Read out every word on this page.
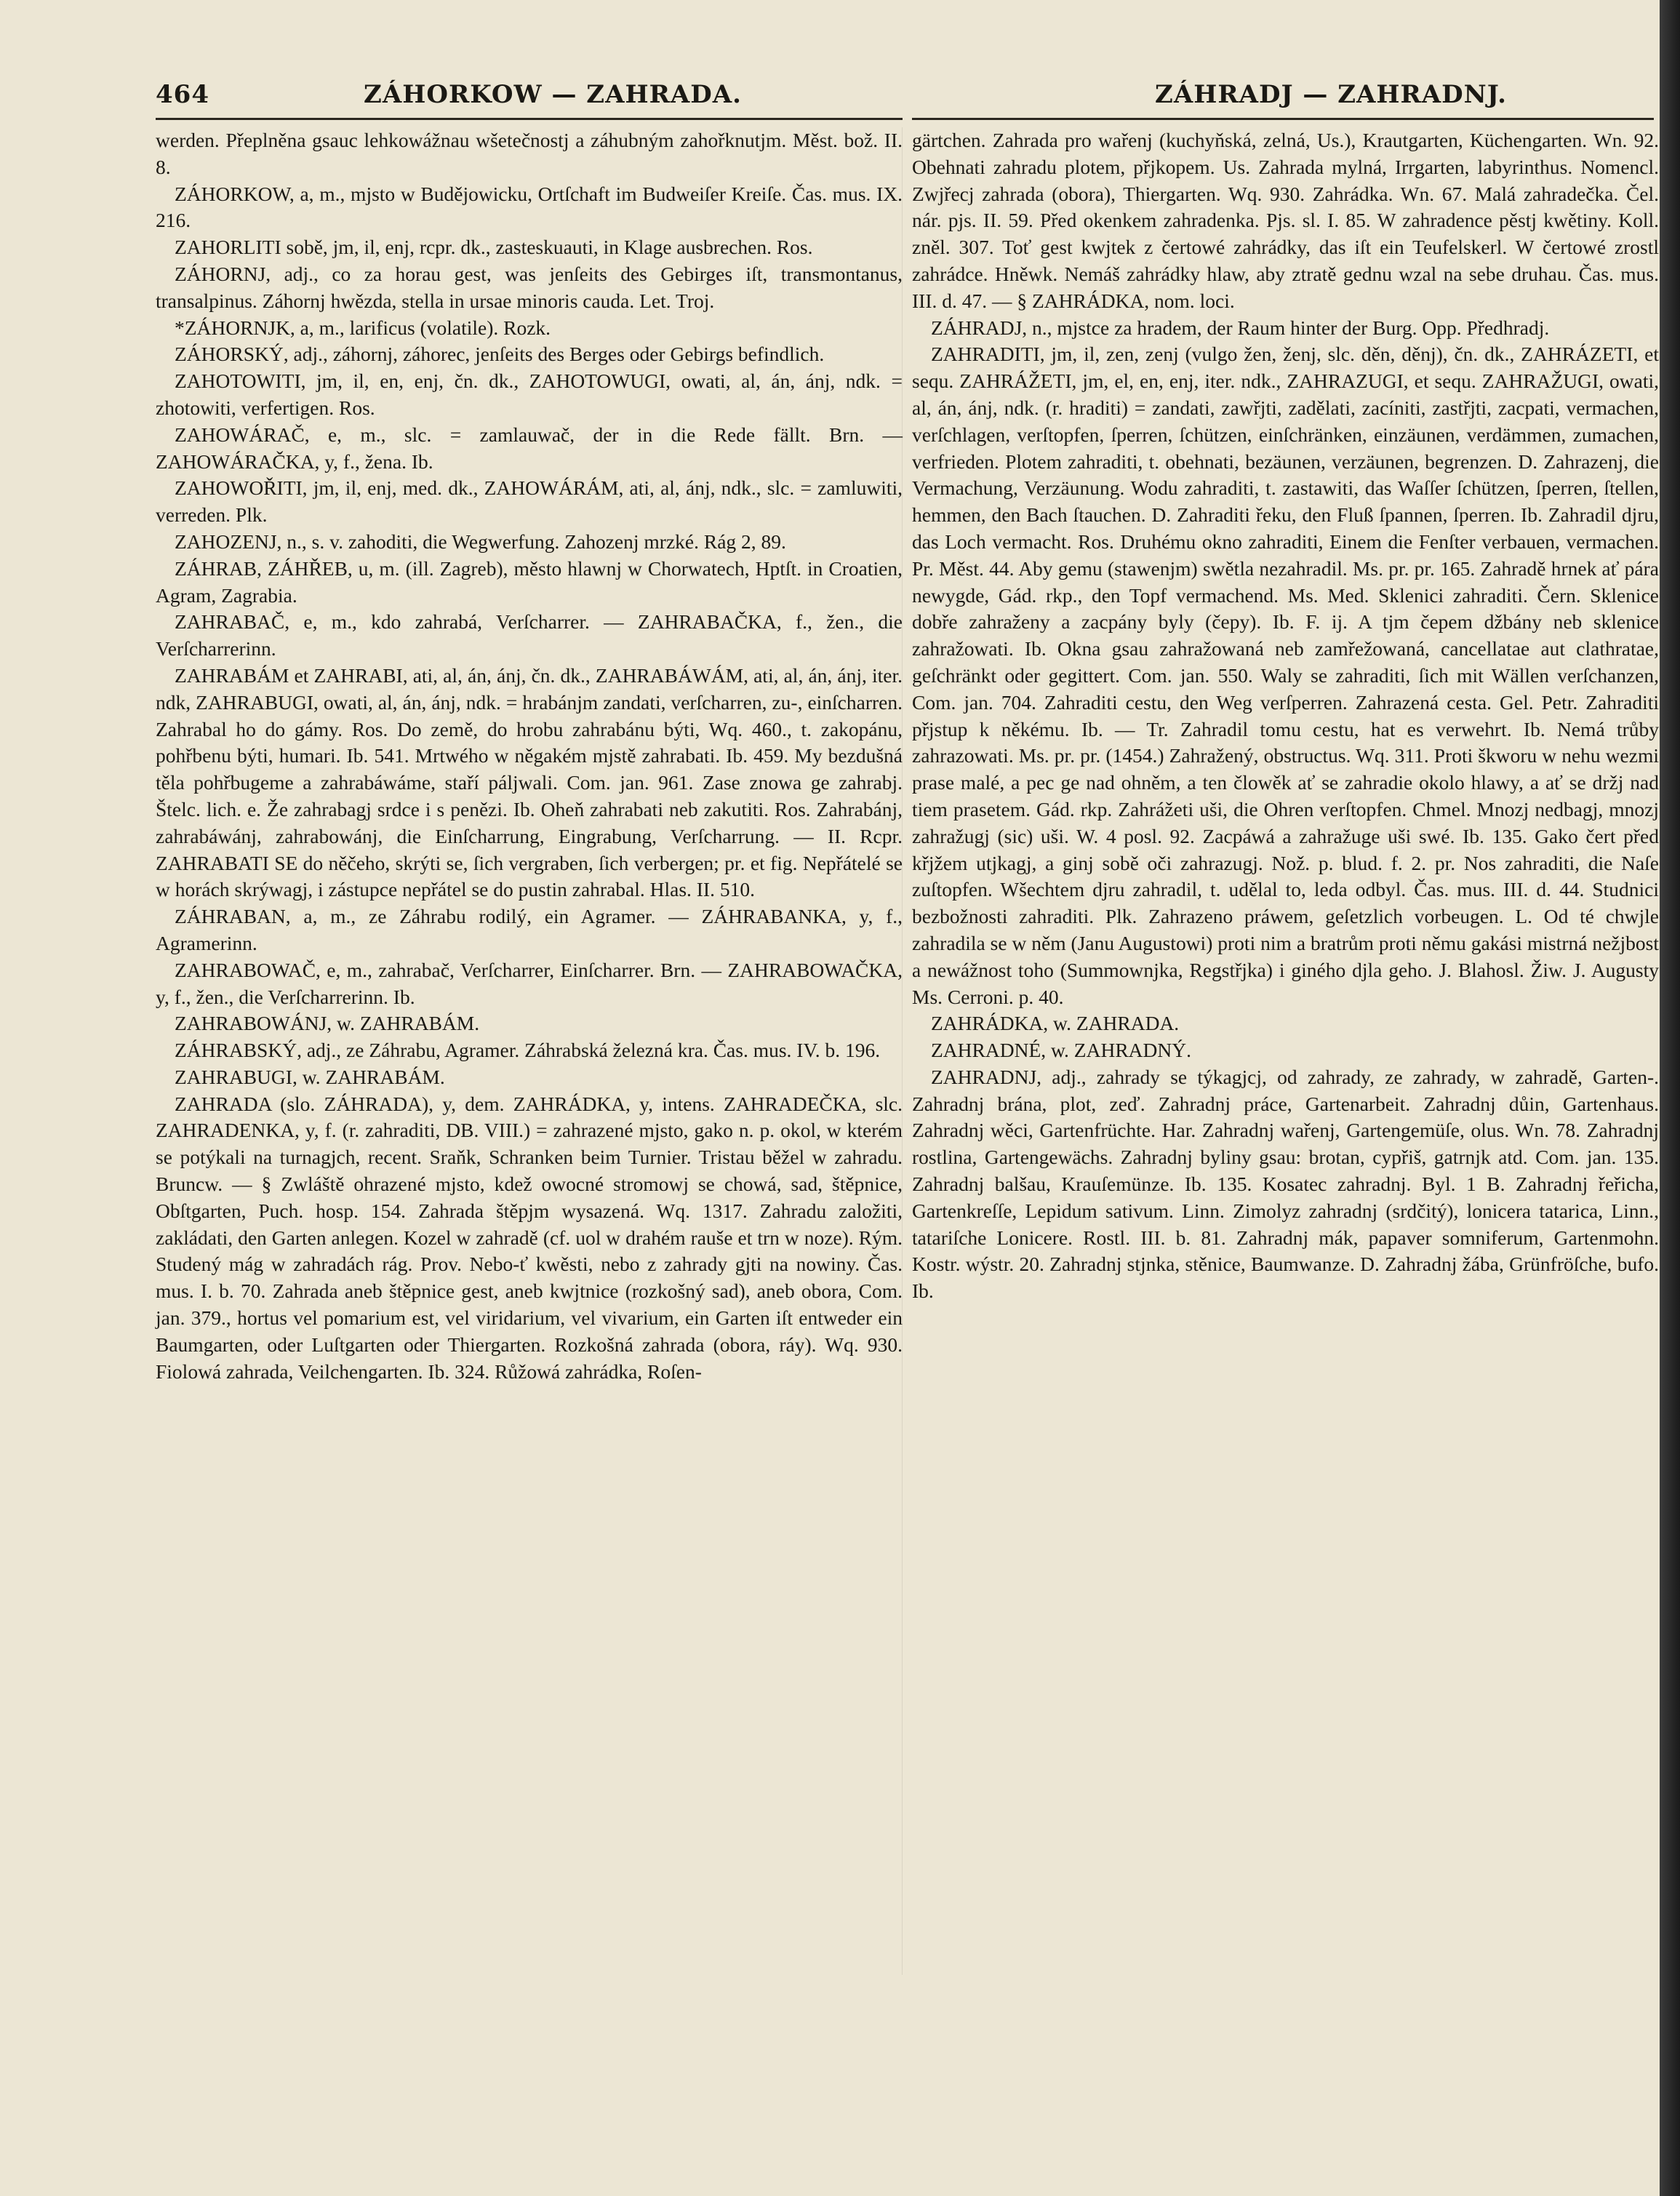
464	ZÁHORKOW — ZAHRADA.	ZÁHRADJ — ZAHRADNJ.

werden. Přeplněna gsauc lehkowážnau wšetečnostj a záhubným zahořknutjm. Měst. bož. II. 8.

ZÁHORKOW, a, m., mjsto w Budějowicku, Ortſchaft im Budweiſer Kreiſe. Čas. mus. IX. 216.

ZAHORLITI sobě, jm, il, enj, rcpr. dk., zasteskuauti, in Klage ausbrechen. Ros.

ZÁHORNJ, adj., co za horau gest, was jenſeits des Gebirges iſt, transmontanus, transalpinus. Záhornj hwězda, stella in ursae minoris cauda. Let. Troj.

*ZÁHORNJK, a, m., larificus (volatile). Rozk.

ZÁHORSKÝ, adj., záhornj, záhorec, jenſeits des Berges oder Gebirgs befindlich.

ZAHOTOWITI, jm, il, en, enj, čn. dk., ZAHOTOWUGI, owati, al, án, ánj, ndk. = zhotowiti, verfertigen. Ros.

ZAHOWÁRAČ, e, m., slc. = zamlauwač, der in die Rede fällt. Brn. — ZAHOWÁRAČKA, y, f., žena. Ib.

ZAHOWOŘITI, jm, il, enj, med. dk., ZAHOWÁRÁM, ati, al, ánj, ndk., slc. = zamluwiti, verreden. Plk.

ZAHOZENJ, n., s. v. zahoditi, die Wegwerfung. Zahozenj mrzké. Rág 2, 89.

ZÁHRAB, ZÁHŘEB, u, m. (ill. Zagreb), město hlawnj w Chorwatech, Hptſt. in Croatien, Agram, Zagrabia.

ZAHRABAČ, e, m., kdo zahrabá, Verſcharrer. — ZAHRABAČKA, f., žen., die Verſcharrerinn.

ZAHRABÁM et ZAHRABI, ati, al, án, ánj, čn. dk., ZAHRABÁWÁM, ati, al, án, ánj, iter. ndk, ZAHRABUGI, owati, al, án, ánj, ndk. = hrabánjm zandati, verſcharren, zu-, einſcharren. Zahrabal ho do gámy. Ros. Do země, do hrobu zahrabánu býti, Wq. 460., t. zakopánu, pohřbenu býti, humari. Ib. 541. Mrtwého w něgakém mjstě zahrabati. Ib. 459. My bezdušná těla pohřbugeme a zahrabáwáme, staří páljwali. Com. jan. 961. Zase znowa ge zahrabj. Štelc. lich. e. Že zahrabagj srdce i s penězi. Ib. Oheň zahrabati neb zakutiti. Ros. Zahrabánj, zahrabáwánj, zahrabowánj, die Einſcharrung, Eingrabung, Verſcharrung. — II. Rcpr. ZAHRABATI SE do něčeho, skrýti se, ſich vergraben, ſich verbergen; pr. et fig. Nepřátelé se w horách skrýwagj, i zástupce nepřátel se do pustin zahrabal. Hlas. II. 510.

ZÁHRABAN, a, m., ze Záhrabu rodilý, ein Agramer. — ZÁHRABANKA, y, f., Agramerinn.

ZAHRABOWAČ, e, m., zahrabač, Verſcharrer, Einſcharrer. Brn. — ZAHRABOWAČKA, y, f., žen., die Verſcharrerinn. Ib.

ZAHRABOWÁNJ, w. ZAHRABÁM.

ZÁHRABSKÝ, adj., ze Záhrabu, Agramer. Záhrabská železná kra. Čas. mus. IV. b. 196.

ZAHRABUGI, w. ZAHRABÁM.

ZAHRADA (slo. ZÁHRADA), y, dem. ZAHRÁDKA, y, intens. ZAHRADEČKA, slc. ZAHRADENKA, y, f. (r. zahraditi, DB. VIII.) = zahrazené mjsto, gako n. p. okol, w kterém se potýkali na turnagjch, recent. Sraňk, Schranken beim Turnier. Tristau běžel w zahradu. Bruncw. — § Zwláště ohrazené mjsto, kdež owocné stromowj se chowá, sad, štěpnice, Obſtgarten, Puch. hosp. 154. Zahrada štěpjm wysazená. Wq. 1317. Zahradu založiti, zakládati, den Garten anlegen. Kozel w zahradě (cf. uol w drahém rauše et trn w noze). Rým. Studený mág w zahradách rág. Prov. Nebo-ť kwěsti, nebo z zahrady gjti na nowiny. Čas. mus. I. b. 70. Zahrada aneb štěpnice gest, aneb kwjtnice (rozkošný sad), aneb obora, Com. jan. 379., hortus vel pomarium est, vel viridarium, vel vivarium, ein Garten iſt entweder ein Baumgarten, oder Luſtgarten oder Thiergarten. Rozkošná zahrada (obora, ráy). Wq. 930. Fiolowá zahrada, Veilchengarten. Ib. 324. Růžowá zahrádka, Roſen-

gärtchen. Zahrada pro wařenj (kuchyňská, zelná, Us.), Krautgarten, Küchengarten. Wn. 92. Obehnati zahradu plotem, přjkopem. Us. Zahrada mylná, Irrgarten, labyrinthus. Nomencl. Zwjřecj zahrada (obora), Thiergarten. Wq. 930. Zahrádka. Wn. 67. Malá zahradečka. Čel. nár. pjs. II. 59. Před okenkem zahradenka. Pjs. sl. I. 85. W zahradence pěstj kwětiny. Koll. zněl. 307. Toť gest kwjtek z čertowé zahrádky, das iſt ein Teufelskerl. W čertowé zrostl zahrádce. Hněwk. Nemáš zahrádky hlaw, aby ztratě gednu wzal na sebe druhau. Čas. mus. III. d. 47. — § ZAHRÁDKA, nom. loci.

ZÁHRADJ, n., mjstce za hradem, der Raum hinter der Burg. Opp. Předhradj.

ZAHRADITI, jm, il, zen, zenj (vulgo žen, ženj, slc. děn, děnj), čn. dk., ZAHRÁZETI, et sequ. ZAHRÁŽETI, jm, el, en, enj, iter. ndk., ZAHRAZUGI, et sequ. ZAHRAŽUGI, owati, al, án, ánj, ndk. (r. hraditi) = zandati, zawřjti, zadělati, zacíniti, zastřjti, zacpati, vermachen, verſchlagen, verſtopfen, ſperren, ſchützen, einſchränken, einzäunen, verdämmen, zumachen, verfrieden. Plotem zahraditi, t. obehnati, bezäunen, verzäunen, begrenzen. D. Zahrazenj, die Vermachung, Verzäunung. Wodu zahraditi, t. zastawiti, das Waſſer ſchützen, ſperren, ſtellen, hemmen, den Bach ſtauchen. D. Zahraditi řeku, den Fluß ſpannen, ſperren. Ib. Zahradil djru, das Loch vermacht. Ros. Druhému okno zahraditi, Einem die Fenſter verbauen, vermachen. Pr. Měst. 44. Aby gemu (stawenjm) swětla nezahradil. Ms. pr. pr. 165. Zahradě hrnek ať pára newygde, Gád. rkp., den Topf vermachend. Ms. Med. Sklenici zahraditi. Čern. Sklenice dobře zahraženy a zacpány byly (čepy). Ib. F. ij. A tjm čepem džbány neb sklenice zahražowati. Ib. Okna gsau zahražowaná neb zamřežowaná, cancellatae aut clathratae, geſchränkt oder gegittert. Com. jan. 550. Waly se zahraditi, ſich mit Wällen verſchanzen, Com. jan. 704. Zahraditi cestu, den Weg verſperren. Zahrazená cesta. Gel. Petr. Zahraditi přjstup k někému. Ib. — Tr. Zahradil tomu cestu, hat es verwehrt. Ib. Nemá trůby zahrazowati. Ms. pr. pr. (1454.) Zahražený, obstructus. Wq. 311. Proti škworu w nehu wezmi prase malé, a pec ge nad ohněm, a ten člowěk ať se zahradie okolo hlawy, a ať se držj nad tiem prasetem. Gád. rkp. Zahrážeti uši, die Ohren verſtopfen. Chmel. Mnozj nedbagj, mnozj zahražugj (sic) uši. W. 4 posl. 92. Zacpáwá a zahražuge uši swé. Ib. 135. Gako čert před křjžem utjkagj, a ginj sobě oči zahrazugj. Nož. p. blud. f. 2. pr. Nos zahraditi, die Naſe zuſtopfen. Wšechtem djru zahradil, t. udělal to, leda odbyl. Čas. mus. III. d. 44. Studnici bezbožnosti zahraditi. Plk. Zahrazeno práwem, geſetzlich vorbeugen. L. Od té chwjle zahradila se w něm (Janu Augustowi) proti nim a bratrům proti němu gakási mistrná nežjbost a newážnost toho (Summownjka, Regstřjka) i giného djla geho. J. Blahosl. Žiw. J. Augusty Ms. Cerroni. p. 40.

ZAHRÁDKA, w. ZAHRADA.

ZAHRADNÉ, w. ZAHRADNÝ.

ZAHRADNJ, adj., zahrady se týkagjcj, od zahrady, ze zahrady, w zahradě, Garten-. Zahradnj brána, plot, zeď. Zahradnj práce, Gartenarbeit. Zahradnj důin, Gartenhaus. Zahradnj wěci, Gartenfrüchte. Har. Zahradnj wařenj, Gartengemüſe, olus. Wn. 78. Zahradnj rostlina, Gartengewächs. Zahradnj byliny gsau: brotan, cypřiš, gatrnjk atd. Com. jan. 135. Zahradnj balšau, Krauſemünze. Ib. 135. Kosatec zahradnj. Byl. 1 B. Zahradnj řeřicha, Gartenkreſſe, Lepidum sativum. Linn. Zimolyz zahradnj (srdčitý), lonicera tatarica, Linn., tatariſche Lonicere. Rostl. III. b. 81. Zahradnj mák, papaver somniferum, Gartenmohn. Kostr. wýstr. 20. Zahradnj stjnka, stěnice, Baumwanze. D. Zahradnj žába, Grünfröſche, bufo. Ib.
